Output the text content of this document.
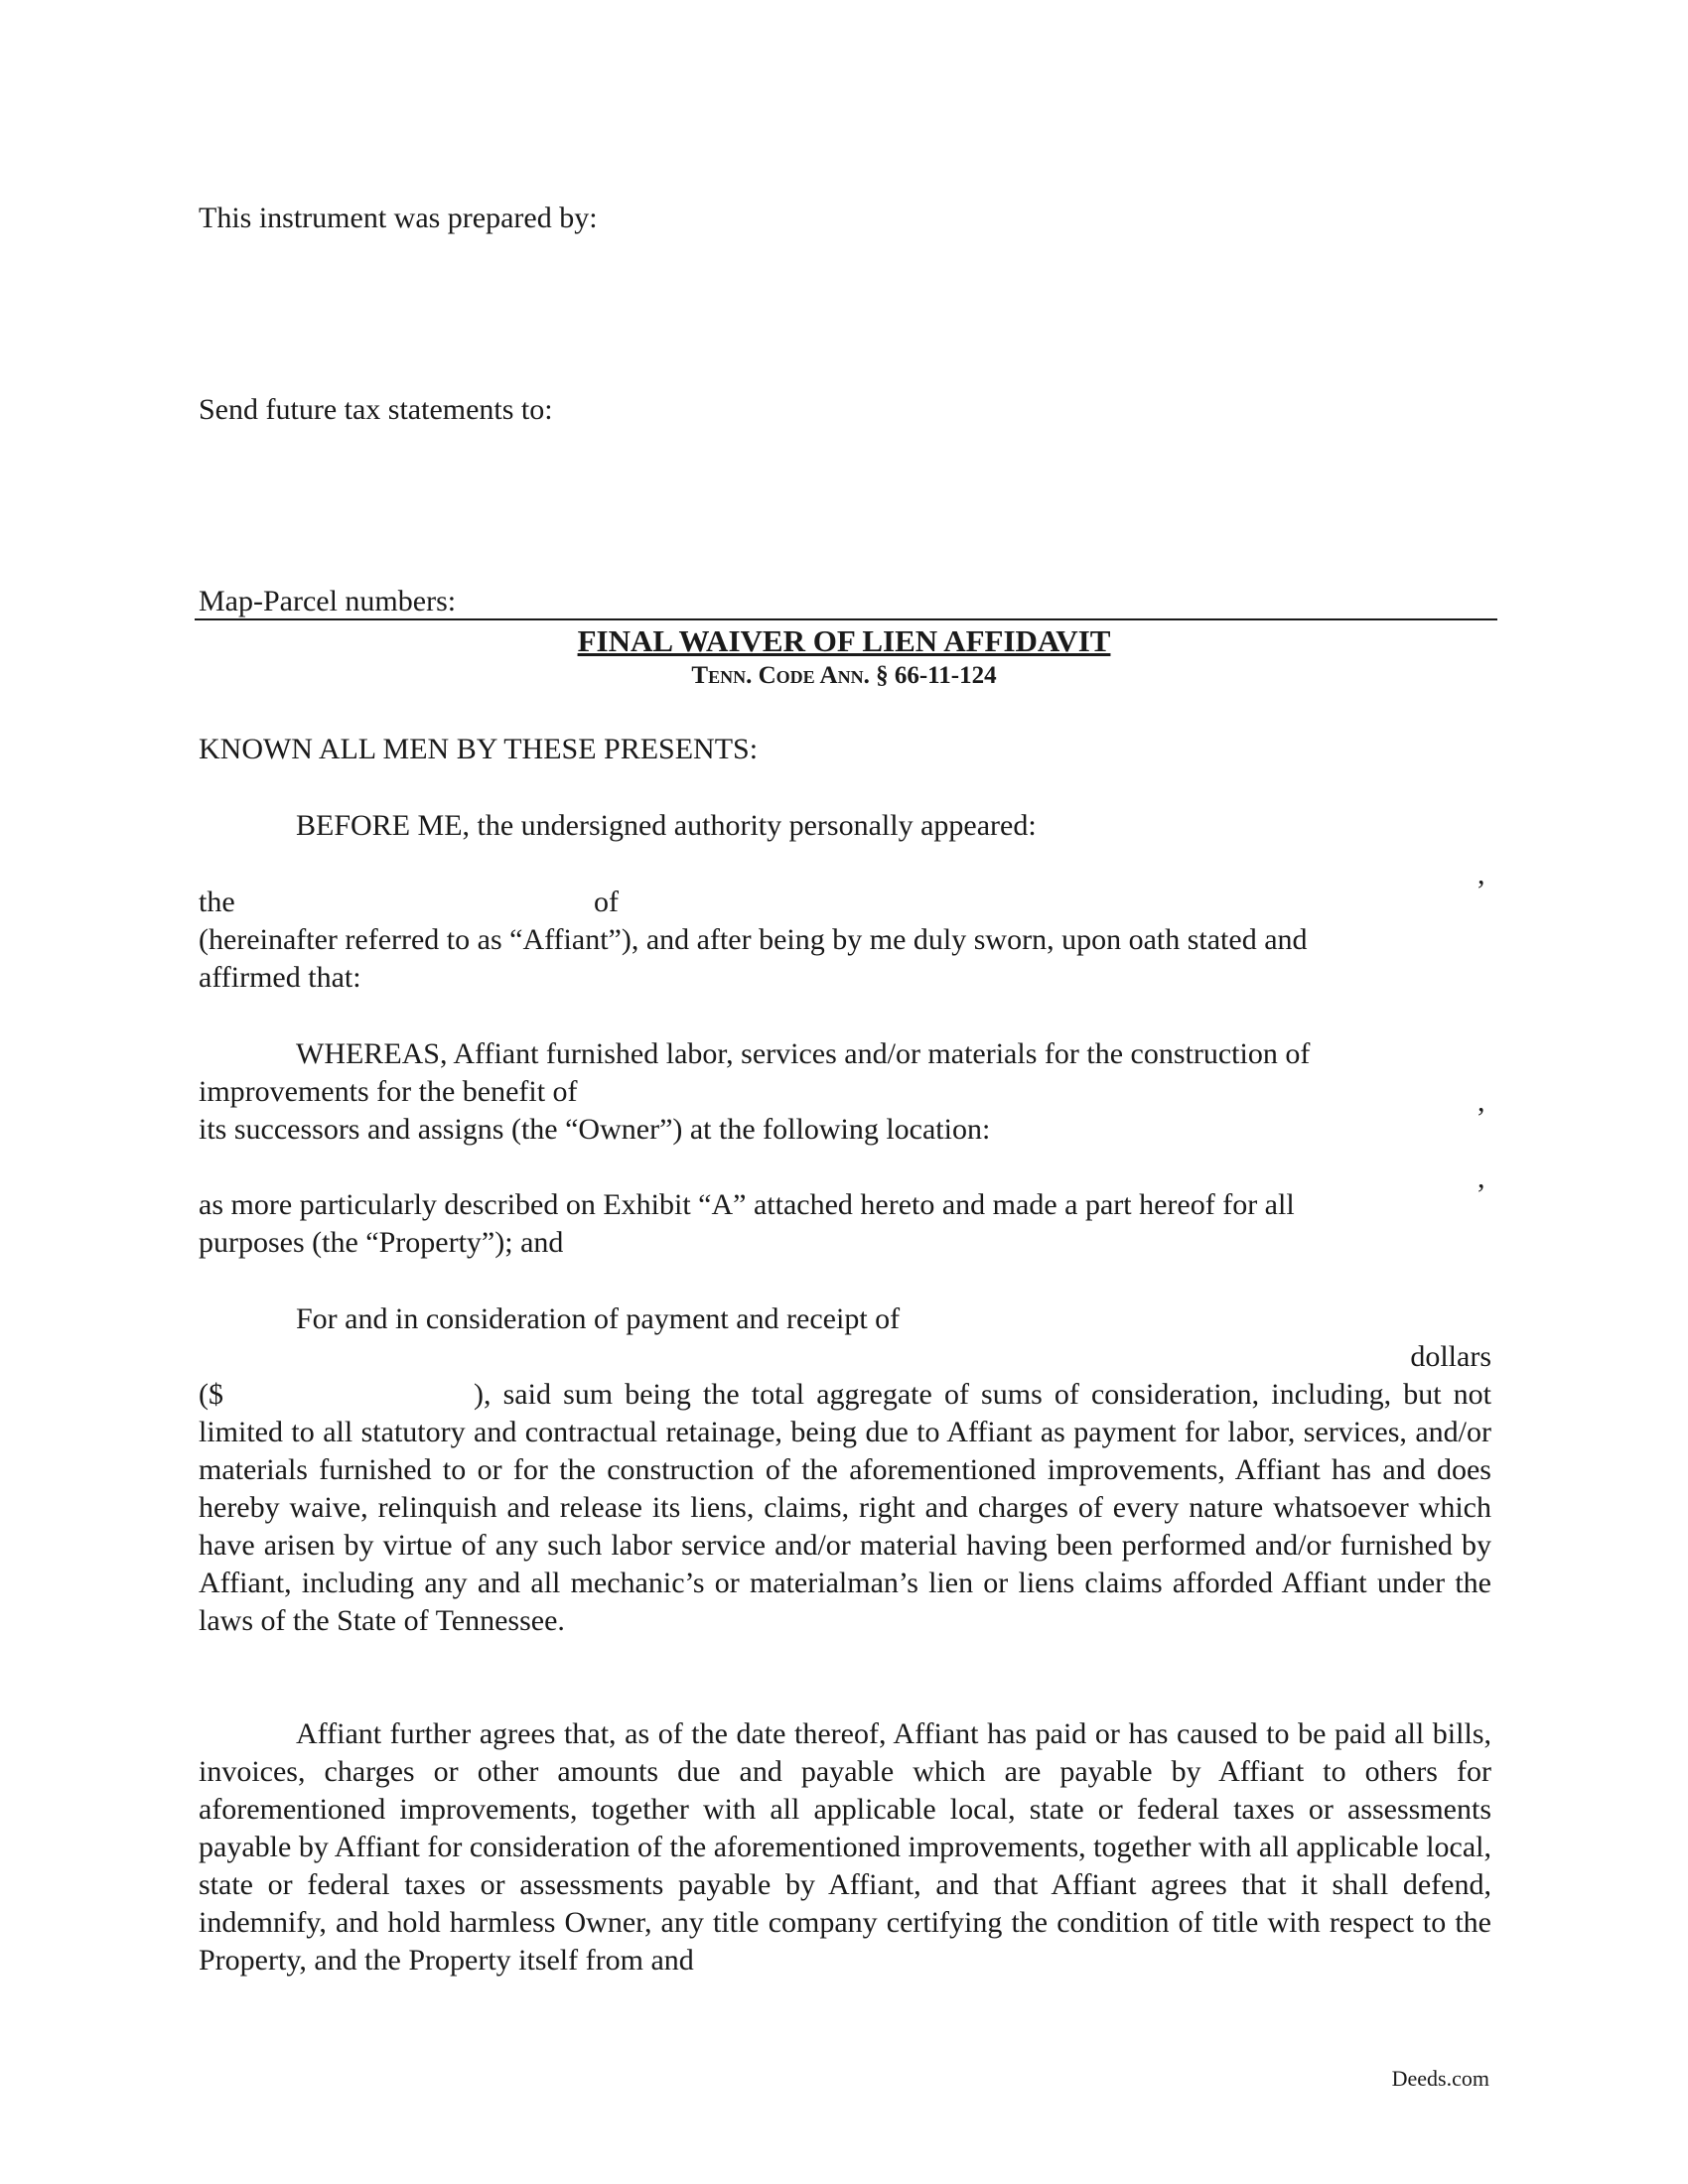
This instrument was prepared by:
Send future tax statements to:
Map-Parcel numbers:
FINAL WAIVER OF LIEN AFFIDAVIT
Tenn. Code Ann. § 66-11-124
KNOWN ALL MEN BY THESE PRESENTS:
BEFORE ME, the undersigned authority personally appeared:
,
the	of
(hereinafter referred to as “Affiant”), and after being by me duly sworn, upon oath stated and
affirmed that:
WHEREAS, Affiant furnished labor, services and/or materials for the construction of
improvements for the benefit of	,
its successors and assigns (the “Owner”) at the following location:
,
as more particularly described on Exhibit “A” attached hereto and made a part hereof for all
purposes (the “Property”); and
For and in consideration of payment and receipt of
dollars
($	), said sum being the total aggregate of sums of consideration, including, but not limited to all statutory and contractual retainage, being due to Affiant as payment for labor, services, and/or materials furnished to or for the construction of the aforementioned improvements, Affiant has and does hereby waive, relinquish and release its liens, claims, right and charges of every nature whatsoever which have arisen by virtue of any such labor service and/or material having been performed and/or furnished by Affiant, including any and all mechanic’s or materialman’s lien or liens claims afforded Affiant under the laws of the State of Tennessee.
Affiant further agrees that, as of the date thereof, Affiant has paid or has caused to be paid all bills, invoices, charges or other amounts due and payable which are payable by Affiant to others for aforementioned improvements, together with all applicable local, state or federal taxes or assessments payable by Affiant for consideration of the aforementioned improvements, together with all applicable local, state or federal taxes or assessments payable by Affiant, and that Affiant agrees that it shall defend, indemnify, and hold harmless Owner, any title company certifying the condition of title with respect to the Property, and the Property itself from and
Deeds.com
